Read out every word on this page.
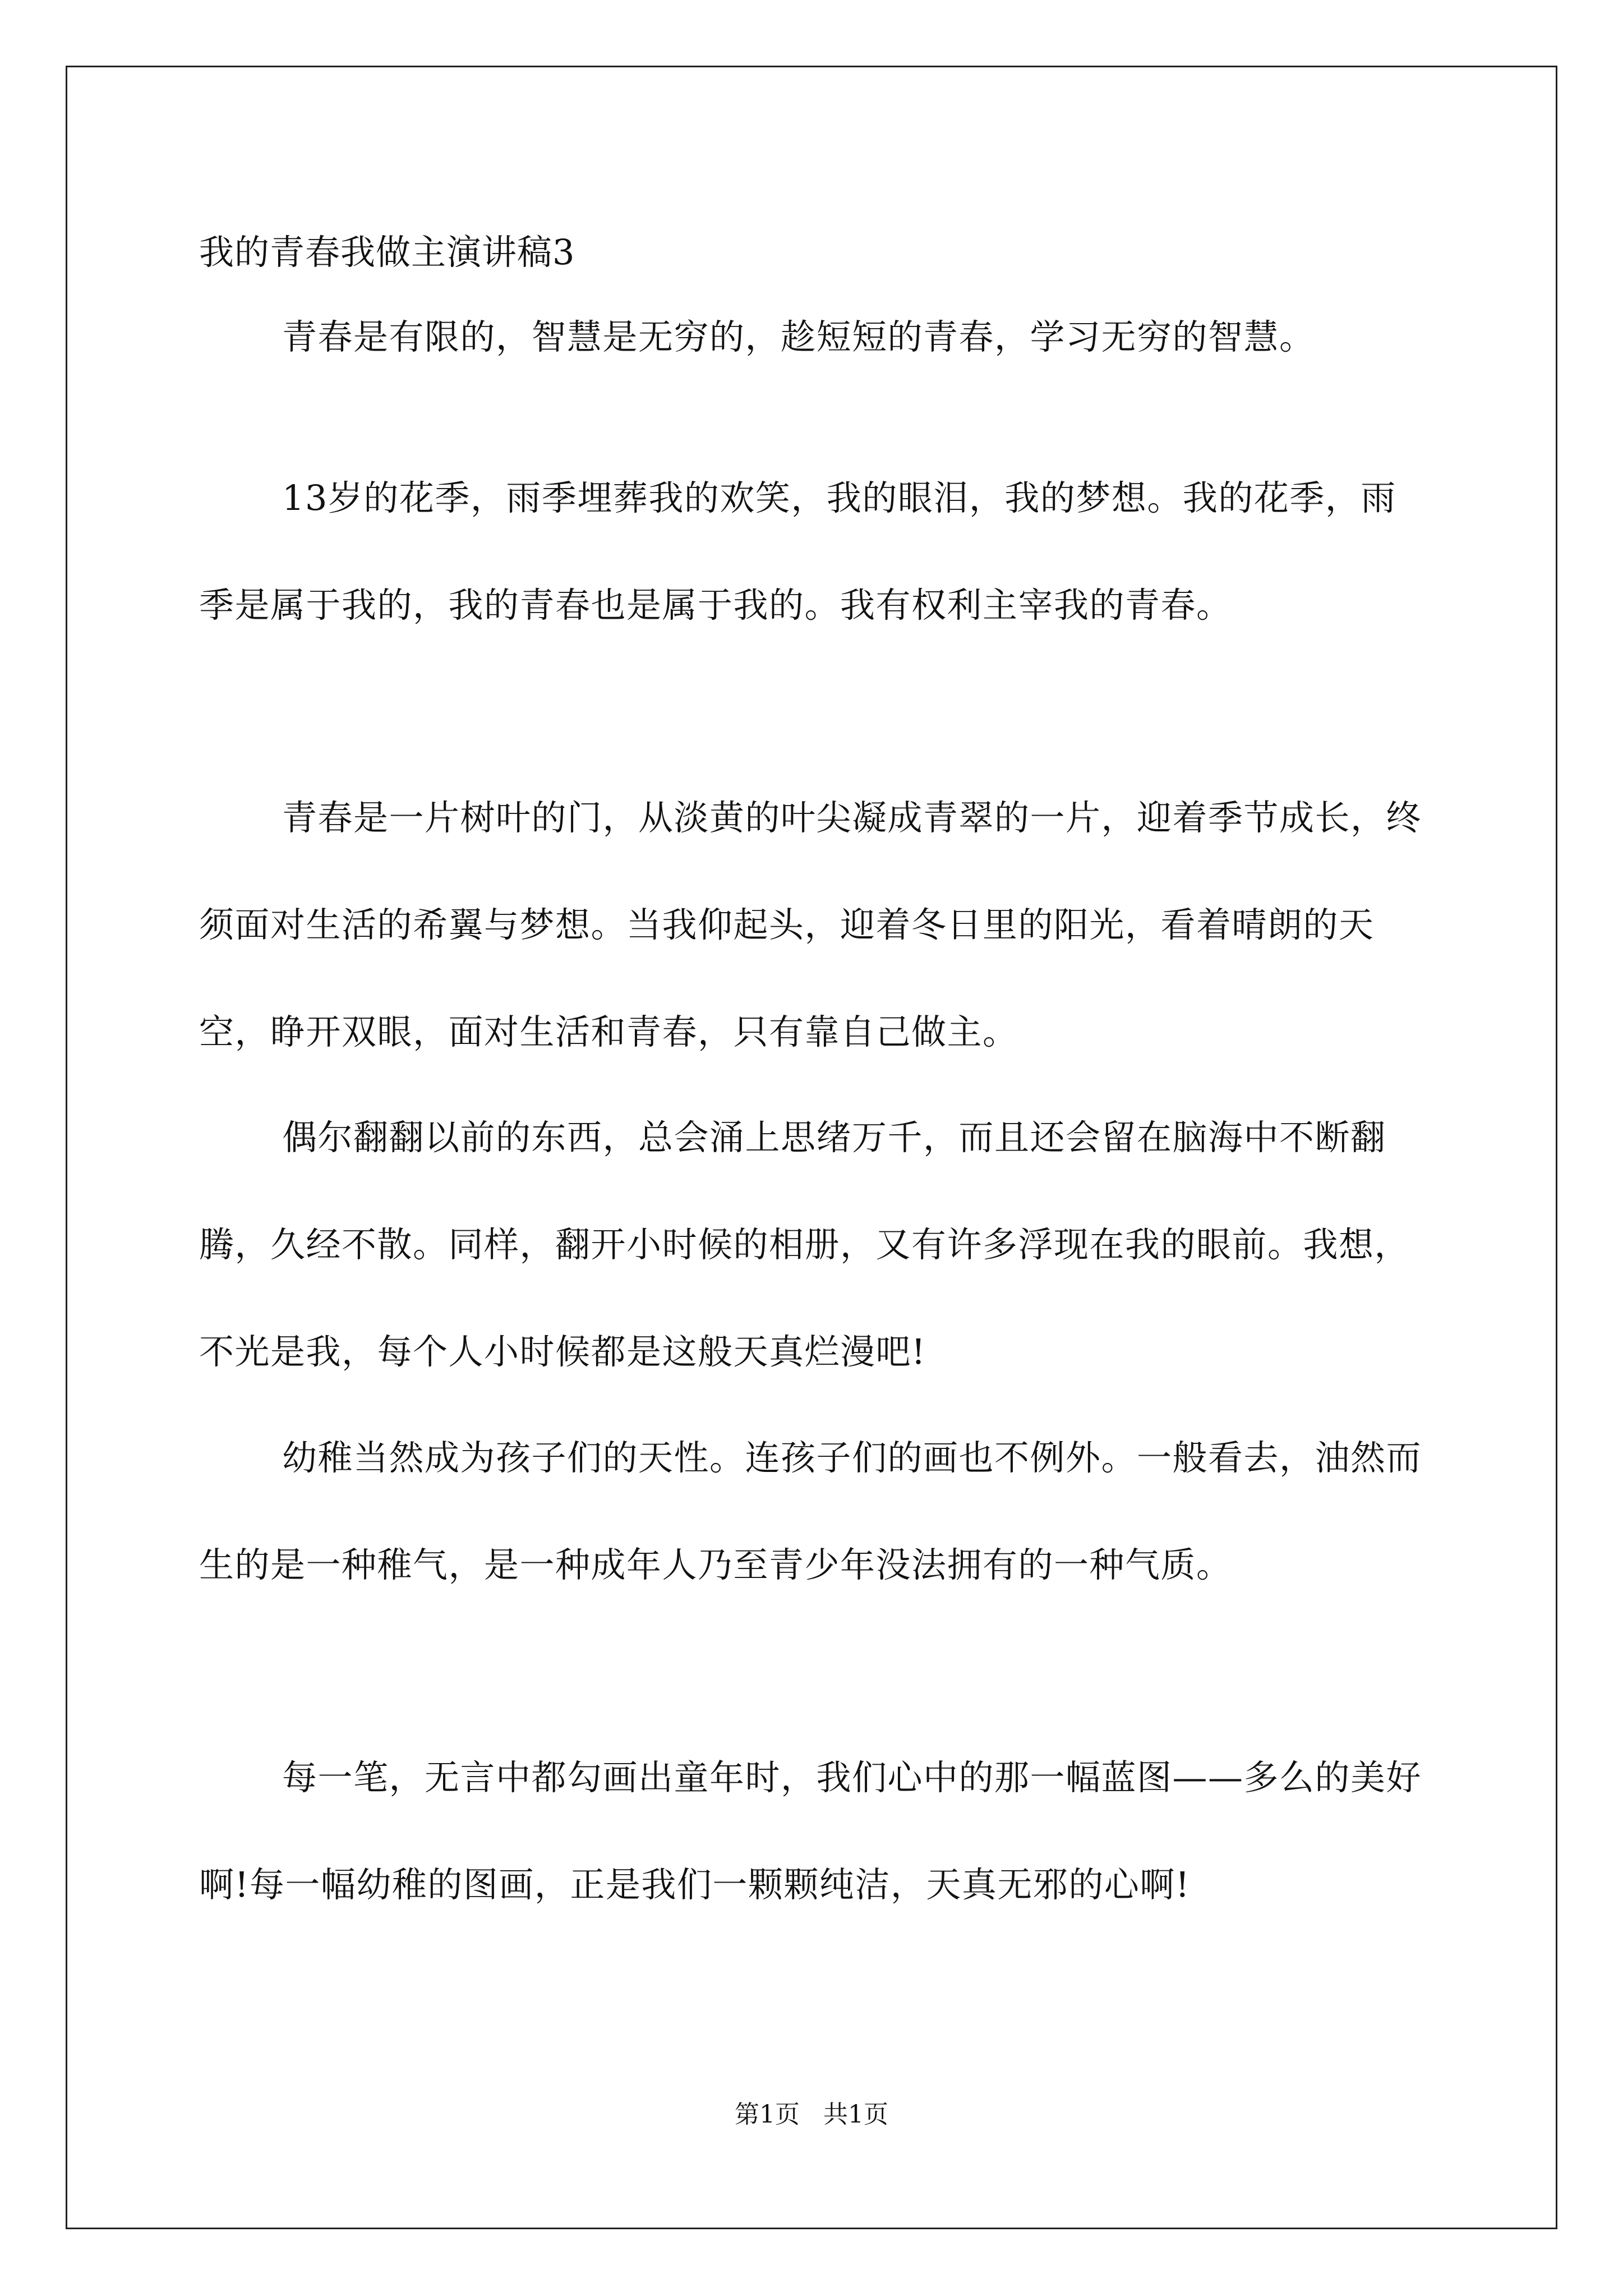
我的青春我做主演讲稿3

青春是有限的，智慧是无穷的，趁短短的青春，学习无穷的智慧。

13岁的花季，雨季埋葬我的欢笑，我的眼泪，我的梦想。我的花季，雨季是属于我的，我的青春也是属于我的。我有权利主宰我的青春。

青春是一片树叶的门，从淡黄的叶尖凝成青翠的一片，迎着季节成长，终须面对生活的希翼与梦想。当我仰起头，迎着冬日里的阳光，看着晴朗的天空，睁开双眼，面对生活和青春，只有靠自己做主。

偶尔翻翻以前的东西，总会涌上思绪万千，而且还会留在脑海中不断翻腾，久经不散。同样，翻开小时候的相册，又有许多浮现在我的眼前。我想，不光是我，每个人小时候都是这般天真烂漫吧!

幼稚当然成为孩子们的天性。连孩子们的画也不例外。一般看去，油然而生的是一种稚气，是一种成年人乃至青少年没法拥有的一种气质。

每一笔，无言中都勾画出童年时，我们心中的那一幅蓝图——多么的美好啊!每一幅幼稚的图画，正是我们一颗颗纯洁，天真无邪的心啊!

第1页   共1页
